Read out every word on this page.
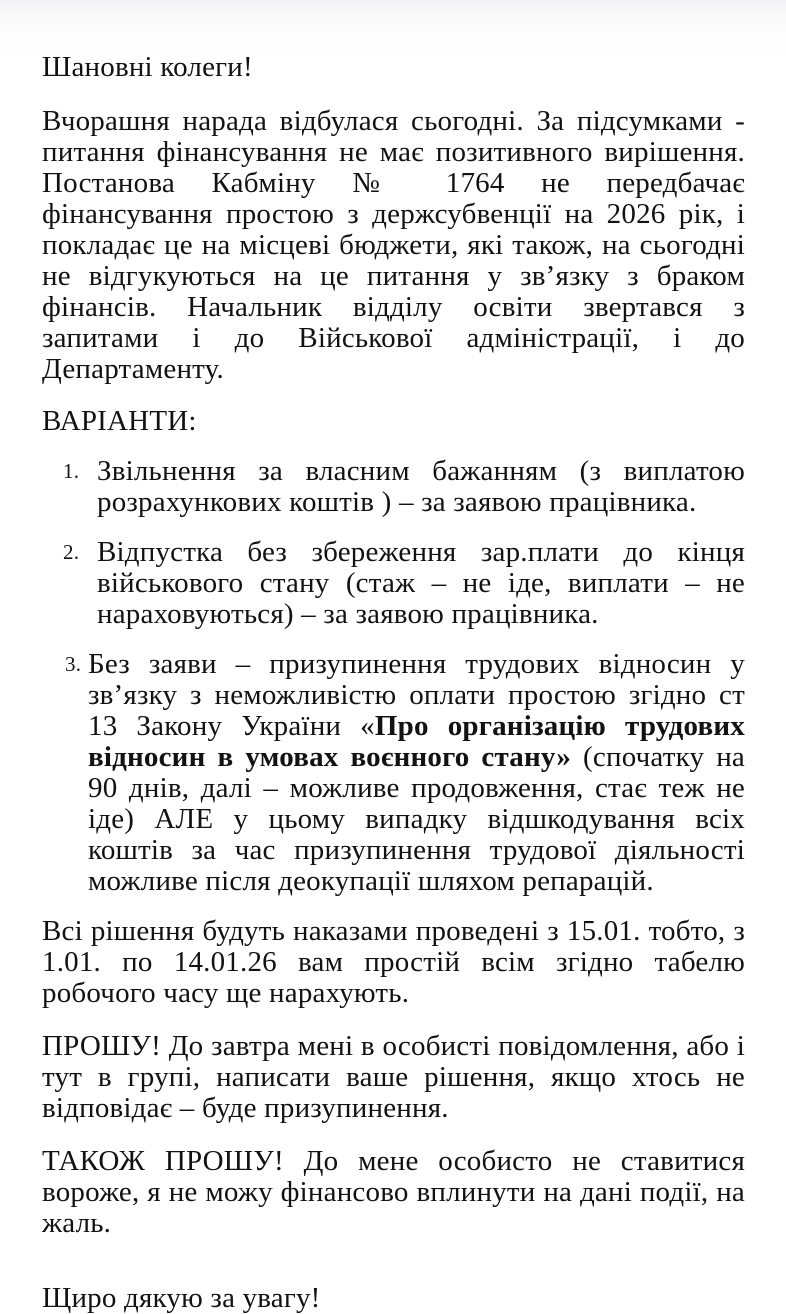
Шановні колеги!

Вчорашня нарада відбулася сьогодні. За підсумками - питання фінансування не має позитивного вирішення. Постанова Кабміну № 1764 не передбачає фінансування простою з держсубвенції на 2026 рік, і покладає це на місцеві бюджети, які також, на сьогодні не відгукуються на це питання у зв’язку з браком фінансів. Начальник відділу освіти звертався з запитами і до Військової адміністрації, і до Департаменту.

ВАРІАНТИ:

1. Звільнення за власним бажанням (з виплатою розрахункових коштів ) – за заявою працівника.
2. Відпустка без збереження зар.плати до кінця військового стану (стаж – не іде, виплати – не нараховуються) – за заявою працівника.
3. Без заяви – призупинення трудових відносин у зв’язку з неможливістю оплати простою згідно ст 13 Закону України «Про організацію трудових відносин в умовах воєнного стану» (спочатку на 90 днів, далі – можливе продовження, стає теж не іде) АЛЕ у цьому випадку відшкодування всіх коштів за час призупинення трудової діяльності можливе після деокупації шляхом репарацій.

Всі рішення будуть наказами проведені з 15.01. тобто, з 1.01. по 14.01.26 вам простій всім згідно табелю робочого часу ще нарахують.

ПРОШУ! До завтра мені в особисті повідомлення, або і тут в групі, написати ваше рішення, якщо хтось не відповідає – буде призупинення.

ТАКОЖ ПРОШУ! До мене особисто не ставитися вороже, я не можу фінансово вплинути на дані події, на жаль.

Щиро дякую за увагу!
